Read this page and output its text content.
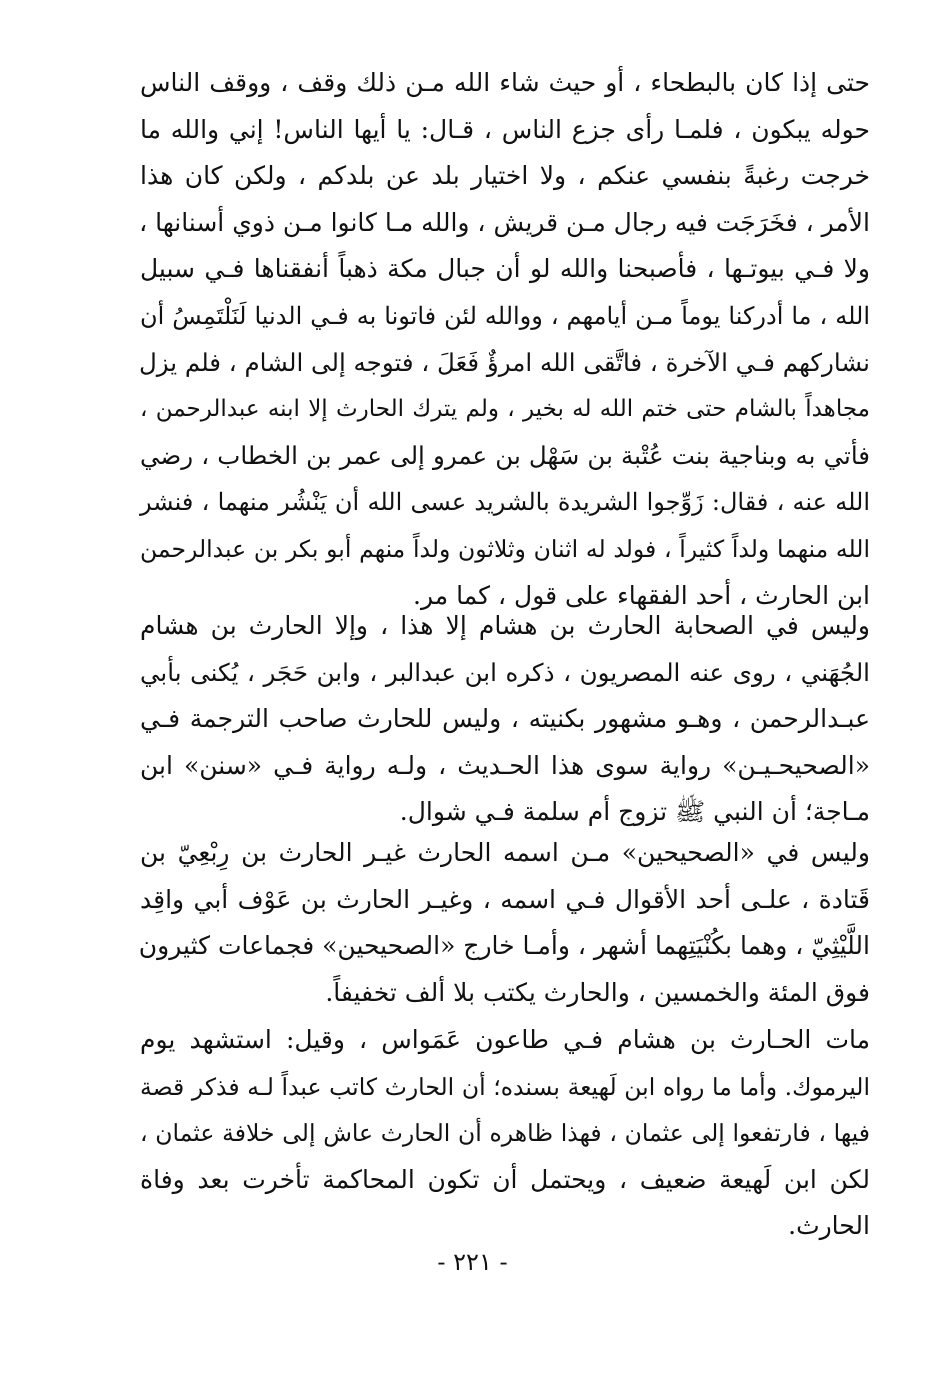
حتى إذا كان بالبطحاء ، أو حيث شاء الله مـن ذلك وقف ، ووقف الناس
حوله يبكون ، فلمـا رأى جزع الناس ، قـال: يا أيها الناس! إني والله ما
خرجت رغبةً بنفسي عنكم ، ولا اختيار بلد عن بلدكم ، ولكن كان هذا
الأمر ، فخَرَجَت فيه رجال مـن قريش ، والله مـا كانوا مـن ذوي أسنانها ،
ولا فـي بيوتـها ، فأصبحنا والله لو أن جبال مكة ذهباً أنفقناها فـي سبيل
الله ، ما أدركنا يوماً مـن أيامهم ، ووالله لئن فاتونا به فـي الدنيا لَنَلْتَمِسُ أن
نشاركهم فـي الآخرة ، فاتَّقى الله امرؤٌ فَعَلَ ، فتوجه إلى الشام ، فلم يزل
مجاهداً بالشام حتى ختم الله له بخير ، ولم يترك الحارث إلا ابنه عبدالرحمن ،
فأتي به وبناجية بنت عُتْبة بن سَهْل بن عمرو إلى عمر بن الخطاب ، رضي
الله عنه ، فقال: زَوِّجوا الشريدة بالشريد عسى الله أن يَنْشُر منهما ، فنشر
الله منهما ولداً كثيراً ، فولد له اثنان وثلاثون ولداً منهم أبو بكر بن عبدالرحمن
ابن الحارث ، أحد الفقهاء على قول ، كما مر.
وليس في الصحابة الحارث بن هشام إلا هذا ، وإلا الحارث بن هشام
الجُهَني ، روى عنه المصريون ، ذكره ابن عبدالبر ، وابن حَجَر ، يُكنى بأبي
عبـدالرحمن ، وهـو مشهور بكنيته ، وليس للحارث صاحب الترجمة فـي
«الصحيحـيـن» رواية سوى هذا الحـديث ، ولـه رواية فـي «سنن» ابن
مـاجة؛ أن النبي ﷺ تزوج أم سلمة فـي شوال.
وليس في «الصحيحين» مـن اسمه الحارث غيـر الحارث بن رِبْعِيّ بن
قَتادة ، علـى أحد الأقوال فـي اسمه ، وغيـر الحارث بن عَوْف أبي واقِد
اللَّيْثِيّ ، وهما بكُنْيَتِهما أشهر ، وأمـا خارج «الصحيحين» فجماعات كثيرون
فوق المئة والخمسين ، والحارث يكتب بلا ألف تخفيفاً.
مات الحـارث بن هشام فـي طاعون عَمَواس ، وقيل: استشهد يوم
اليرموك. وأما ما رواه ابن لَهيعة بسنده؛ أن الحارث كاتب عبداً لـه فذكر قصة
فيها ، فارتفعوا إلى عثمان ، فهذا ظاهره أن الحارث عاش إلى خلافة عثمان ،
لكن ابن لَهيعة ضعيف ، ويحتمل أن تكون المحاكمة تأخرت بعد وفاة
الحارث.
- ٢٢١ -
